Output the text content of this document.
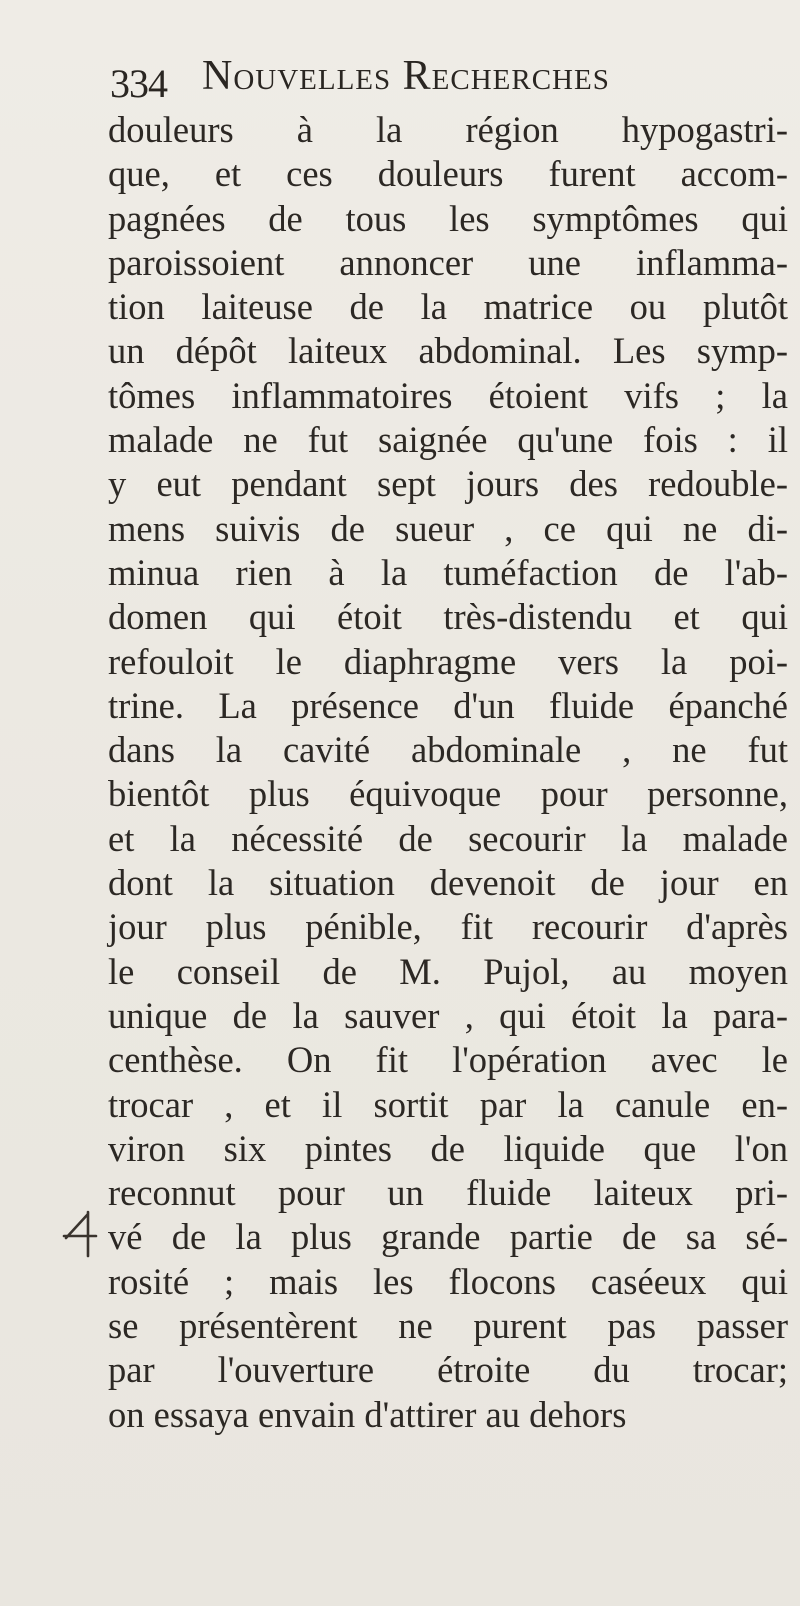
334 Nouvelles Recherches
douleurs à la région hypogastri-
que, et ces douleurs furent accom-
pagnées de tous les symptômes qui
paroissoient annoncer une inflamma-
tion laiteuse de la matrice ou plutôt
un dépôt laiteux abdominal. Les symp-
tômes inflammatoires étoient vifs ; la
malade ne fut saignée qu'une fois : il
y eut pendant sept jours des redouble-
mens suivis de sueur , ce qui ne di-
minua rien à la tuméfaction de l'ab-
domen qui étoit très-distendu et qui
refouloit le diaphragme vers la poi-
trine. La présence d'un fluide épanché
dans la cavité abdominale , ne fut
bientôt plus équivoque pour personne,
et la nécessité de secourir la malade
dont la situation devenoit de jour en
jour plus pénible, fit recourir d'après
le conseil de M. Pujol, au moyen
unique de la sauver , qui étoit la para-
centhèse. On fit l'opération avec le
trocar , et il sortit par la canule en-
viron six pintes de liquide que l'on
reconnut pour un fluide laiteux pri-
vé de la plus grande partie de sa sé-
rosité ; mais les flocons caséeux qui
se présentèrent ne purent pas passer
par l'ouverture étroite du trocar;
on essaya envain d'attirer au dehors
